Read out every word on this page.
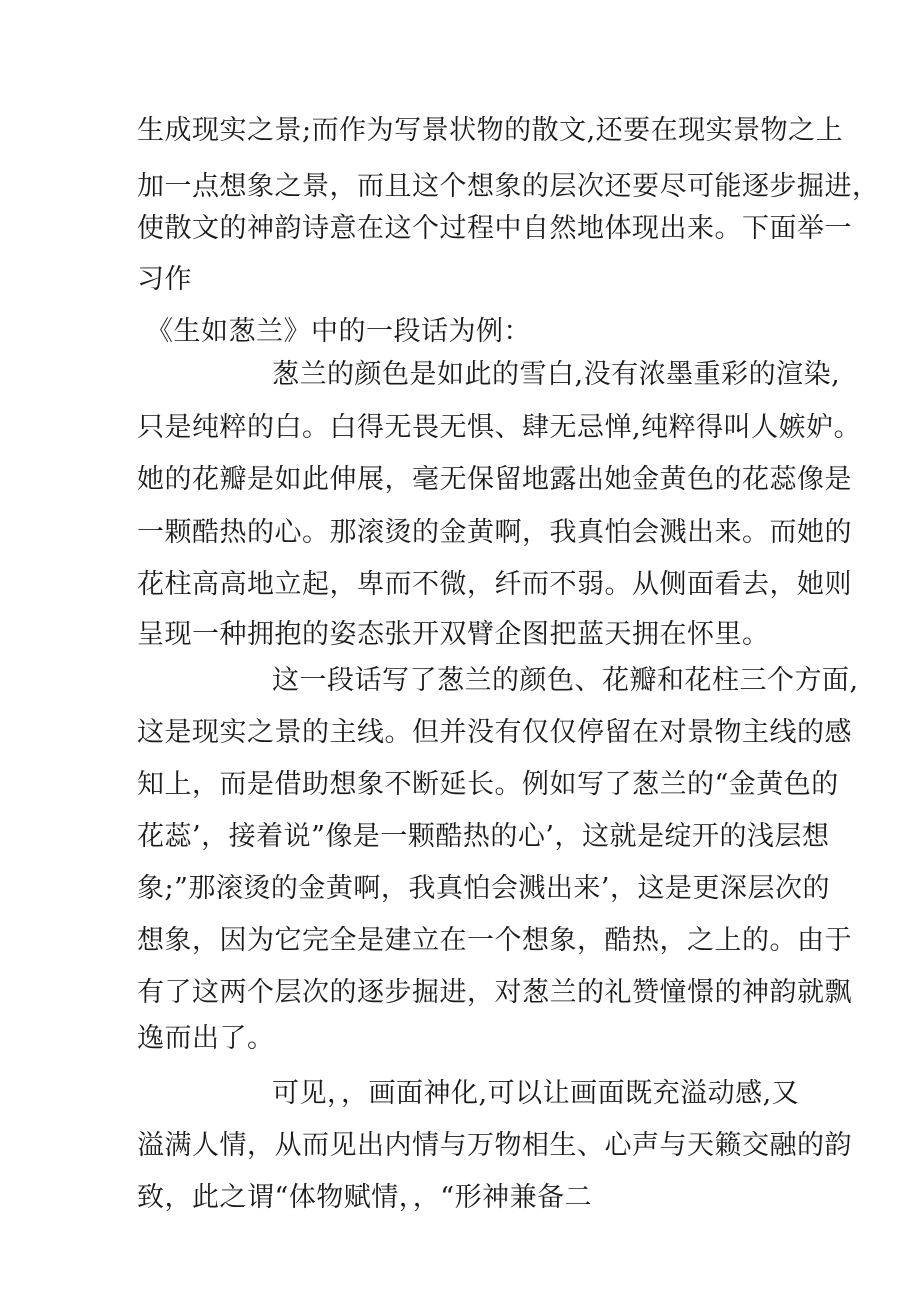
生成现实之景;而作为写景状物的散文,还要在现实景物之上
加一点想象之景，而且这个想象的层次还要尽可能逐步掘进，
使散文的神韵诗意在这个过程中自然地体现出来。下面举一
习作
《生如葱兰》中的一段话为例：
葱兰的颜色是如此的雪白,没有浓墨重彩的渲染,
只是纯粹的白。白得无畏无惧、肆无忌惮,纯粹得叫人嫉妒。
她的花瓣是如此伸展，毫无保留地露出她金黄色的花蕊像是
一颗酷热的心。那滚烫的金黄啊，我真怕会溅出来。而她的
花柱高高地立起，卑而不微，纤而不弱。从侧面看去，她则
呈现一种拥抱的姿态张开双臂企图把蓝天拥在怀里。
这一段话写了葱兰的颜色、花瓣和花柱三个方面,
这是现实之景的主线。但并没有仅仅停留在对景物主线的感
知上，而是借助想象不断延长。例如写了葱兰的“金黄色的
花蕊’，接着说”像是一颗酷热的心’，这就是绽开的浅层想
象;”那滚烫的金黄啊，我真怕会溅出来’，这是更深层次的
想象，因为它完全是建立在一个想象，酷热，之上的。由于
有了这两个层次的逐步掘进，对葱兰的礼赞憧憬的神韵就飘
逸而出了。
可见，，画面神化,可以让画面既充溢动感,又
溢满人情，从而见出内情与万物相生、心声与天籁交融的韵
致，此之谓“体物赋情，，“形神兼备二
